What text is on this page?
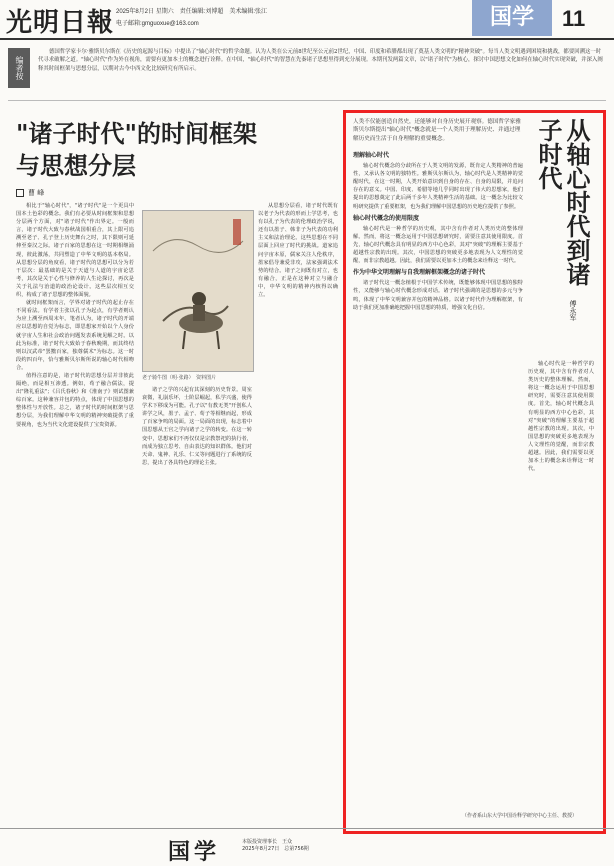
光明日報 2025年8月2日 星期六　责任编辑:刘博超　美术编辑:张江
电子邮箱:gmguoxue@163.com	国学	11
编者按
德国哲学家卡尔·雅斯贝尔斯在《历史的起源与目标》中提出了"轴心时代"的哲学命题。认为人类在公元前8世纪至公元前2世纪，中国、印度和希腊都出现了奠基人类文明的"精神突破"。每当人类文明遇到困境和挑战，都要回溯这一时代寻求破解之道。"轴心时代"作为外在视角，需要有更加本土的概念进行诠释。在中国，"轴心时代"的智慧在先秦诸子思想里得到充分展现。本期刊发两篇文章，以"诸子时代"为核心，探讨中国思想文化如何在轴心时代实现突破，并深入阐释其时间框架与思想分层，以期对古今中西文化比较研究有所启示。
"诸子时代"的时间框架
与思想分层
曹 峰

相比于"轴心时代"，"诸子时代"是一个更具中国本土色彩的概念。我们有必要从时间框架和思想分层两个方面，对"诸子时代"作出界定。一般而言，诸子时代大致与春秋战国相重合，其上限可追溯至老子、孔子登上历史舞台之时，其下限则可延伸至秦汉之际。诸子百家的思想在这一时期相继涌现，彼此激荡，共同塑造了中华文明的基本格局。从思想分层的角度看，诸子时代的思想可以分为若干层次：最基础的是关于天道与人道的宇宙论思考，其次是关于心性与修养的人生论探讨，再次是关于礼法与治道的政治论设计。这些层次相互交织，构成了诸子思想的整体面貌。

就时间框架而言，学界对诸子时代的起止存在不同看法。有学者主张以孔子为起点，有学者则认为应上溯至西周末年。笔者认为，诸子时代的开端应以思想的自觉为标志，即思想家开始以个人身份就宇宙人生和社会政治问题发表系统见解之时。以此为标准，诸子时代大致始于春秋晚期，而其终结则以汉武帝"罢黜百家，独尊儒术"为标志。这一时段约四百年，恰与雅斯贝尔斯所说的轴心时代相吻合。

值得注意的是，诸子时代的思想分层并非彼此隔绝，而是相互渗透。例如，荀子融合儒法，提出"隆礼重法"；《吕氏春秋》和《淮南子》则试图兼综百家。这种兼容并包的特点，体现了中国思想的整体性与开放性。总之，诸子时代的时间框架与思想分层，为我们理解中华文明的精神突破提供了重要视角，也为当代文化建设提供了宝贵资源。

老子骑牛图（明·张路）　资料图片

诸子之学的兴起有其深刻的历史背景。周室衰微，礼崩乐坏，士阶层崛起，私学兴盛，使得学术下移成为可能。孔子以"有教无类"开创私人讲学之风，墨子、孟子、荀子等相继而起，形成了百家争鸣的局面。这一局面的出现，标志着中国思想从王官之学向诸子之学的转变。在这一转变中，思想家们不再仅仅是宗教祭祀的执行者，而成为独立思考、自由表达的知识群体。他们对天命、鬼神、礼乐、仁义等问题进行了系统的反思，提出了各具特色的理论主张。

从思想分层看，诸子时代既有以老子为代表的形而上学思考，也有以孔子为代表的伦理政治学说，还有以墨子、韩非子为代表的功利主义和法治理论。这些思想在不同层面上回应了时代的挑战。道家追问宇宙本原，儒家关注人伦秩序，墨家倡导兼爱非攻，法家强调法术势的结合。诸子之间既有对立，也有融合，正是在这种对立与融合中，中华文明的精神内核得以确立。

人类不仅能创造自然史，还能够对自身历史展开观察。德国哲学家雅斯贝尔斯提出"轴心时代"概念就是一个人类用于理解历史、并通过理解历史而生活于自身理解的重要概念。	从轴心时代到诸子时代
傅永军

理解轴心时代

轴心时代概念的分歧所在于人类文明的发源，既肯定人类精神的普遍性，又承认各文明的独特性。雅斯贝尔斯认为，轴心时代是人类精神的觉醒时代，在这一时期，人类开始意识到自身的存在、自身的局限，并追问存在的意义。中国、印度、希腊等地几乎同时出现了伟大的思想家，他们提出的思想奠定了此后两千多年人类精神生活的基础。这一概念为比较文明研究提供了重要框架，也为我们理解中国思想的历史地位提供了参照。

轴心时代概念的使用限度

轴心时代是一种哲学的历史观，其中含有作者对人类历史的整体理解。然而，将这一概念运用于中国思想研究时，需要注意其使用限度。首先，轴心时代概念具有明显的西方中心色彩，其对"突破"的理解主要基于超越性宗教的出现。其次，中国思想的突破更多地表现为人文理性的觉醒，而非宗教超越。因此，我们需要以更加本土的概念来诠释这一时代。

作为中华文明理解与自我理解框架概念的诸子时代

诸子时代这一概念植根于中国学术传统，既能够体现中国思想的独特性，又能够与轴心时代概念形成对话。诸子时代强调的是思想的多元与争鸣，体现了中华文明兼容并包的精神品格。以诸子时代作为理解框架，有助于我们更加准确地把握中国思想的特质，增强文化自信。

轴心时代是一种哲学的历史观，其中含有作者对人类历史的整体理解。然而，将这一概念运用于中国思想研究时，需要注意其使用限度。首先，轴心时代概念具有明显的西方中心色彩，其对"突破"的理解主要基于超越性宗教的出现。其次，中国思想的突破更多地表现为人文理性的觉醒，而非宗教超越。因此，我们需要以更加本土的概念来诠释这一时代。

（作者系山东大学中国诠释学研究中心主任、教授）
国学	本版投资理事长　王众
2025年8月27日　总第756期
